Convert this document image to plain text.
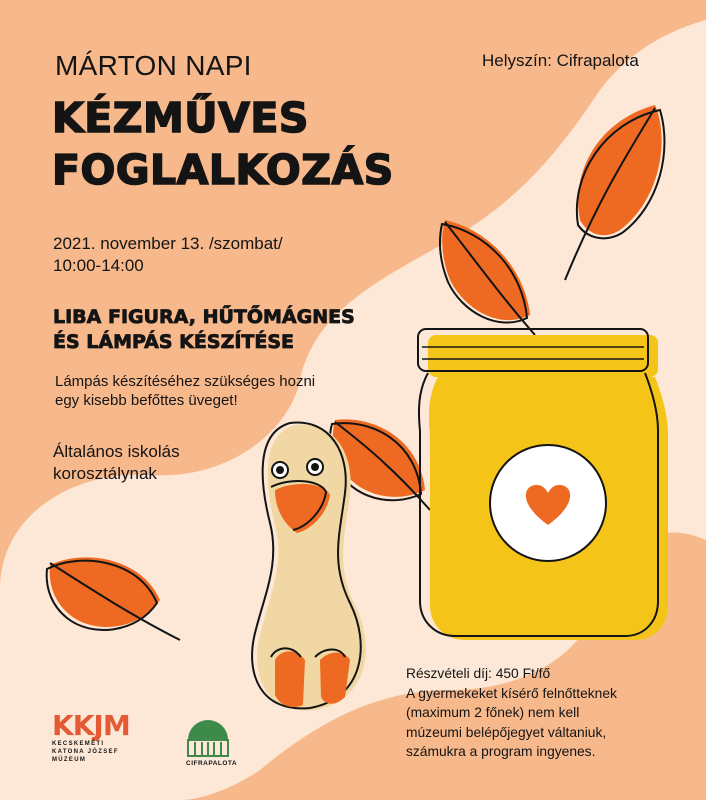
MÁRTON NAPI
KÉZMŰVES
FOGLALKOZÁS
Helyszín: Cifrapalota
2021. november 13. /szombat/
10:00-14:00
LIBA FIGURA, HŰTŐMÁGNES
ÉS LÁMPÁS KÉSZÍTÉSE
Lámpás készítéséhez szükséges hozni
egy kisebb befőttes üveget!
Általános iskolás
korosztálynak
Részvételi díj: 450 Ft/fő
A gyermekeket kísérő felnőtteknek
(maximum 2 főnek) nem kell
múzeumi belépőjegyet váltaniuk,
számukra a program ingyenes.
KKJM
KECSKEMÉTI
KATONA JÓZSEF
MÚZEUM	CIFRAPALOTA
